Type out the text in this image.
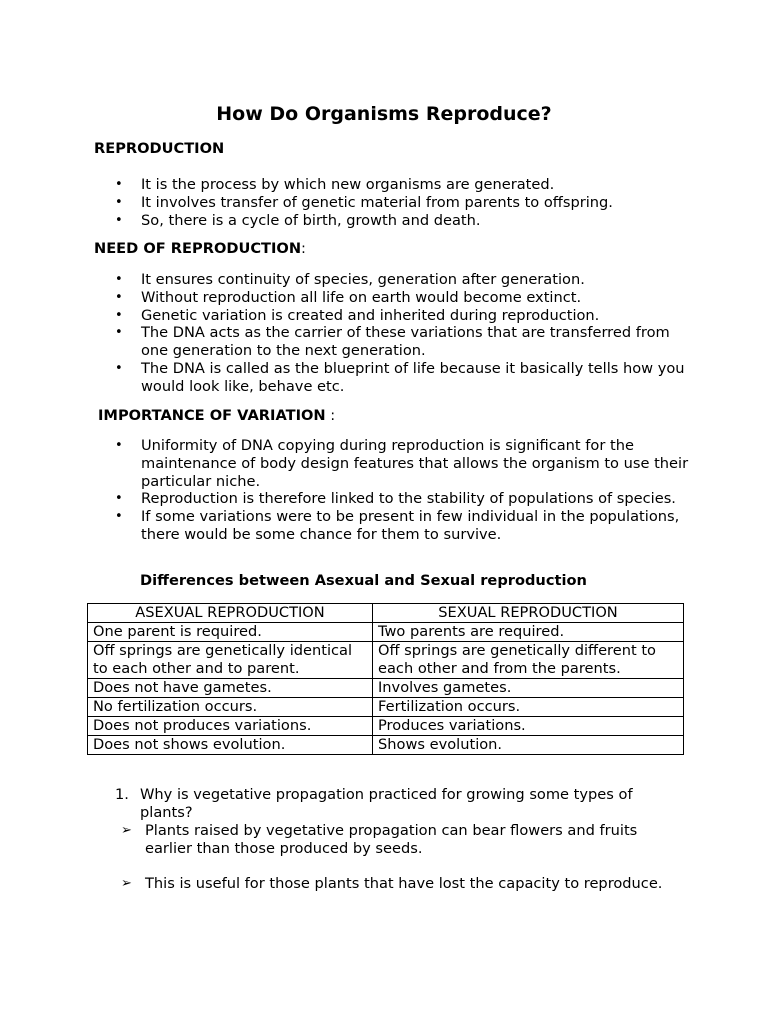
How Do Organisms Reproduce?
REPRODUCTION
• It is the process by which new organisms are generated.
• It involves transfer of genetic material from parents to offspring.
• So, there is a cycle of birth, growth and death.
NEED OF REPRODUCTION:
• It ensures continuity of species, generation after generation.
• Without reproduction all life on earth would become extinct.
• Genetic variation is created and inherited during reproduction.
• The DNA acts as the carrier of these variations that are transferred from one generation to the next generation.
• The DNA is called as the blueprint of life because it basically tells how you would look like, behave etc.
IMPORTANCE OF VARIATION :
• Uniformity of DNA copying during reproduction is significant for the maintenance of body design features that allows the organism to use their particular niche.
• Reproduction is therefore linked to the stability of populations of species.
• If some variations were to be present in few individual in the populations, there would be some chance for them to survive.
Differences between Asexual and Sexual reproduction
ASEXUAL REPRODUCTION	SEXUAL REPRODUCTION
One parent is required.	Two parents are required.
Off springs are genetically identical to each other and to parent.	Off springs are genetically different to each other and from the parents.
Does not have gametes.	Involves gametes.
No fertilization occurs.	Fertilization occurs.
Does not produces variations.	Produces variations.
Does not shows evolution.	Shows evolution.
1. Why is vegetative propagation practiced for growing some types of plants?
➢ Plants raised by vegetative propagation can bear flowers and fruits earlier than those produced by seeds.
➢ This is useful for those plants that have lost the capacity to reproduce.
